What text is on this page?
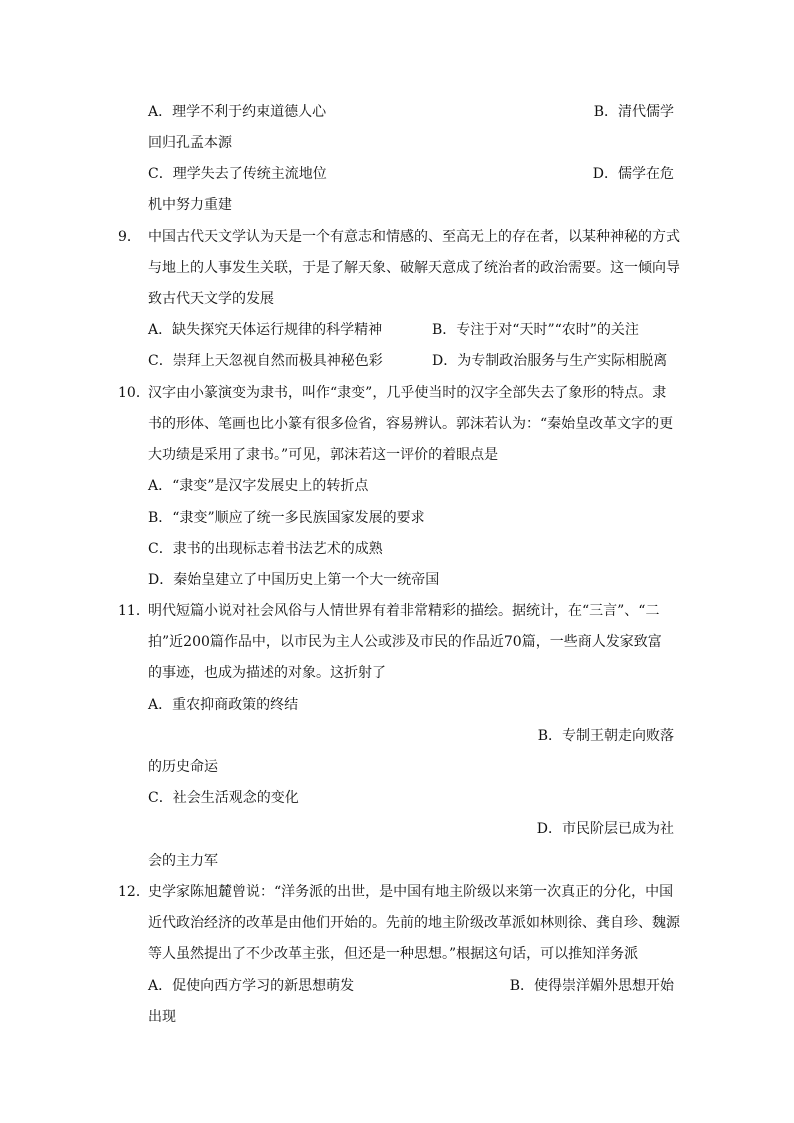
A．理学不利于约束道德人心	B．清代儒学
回归孔孟本源
C．理学失去了传统主流地位	D．儒学在危
机中努力重建
9． 中国古代天文学认为天是一个有意志和情感的、至高无上的存在者，以某种神秘的方式
与地上的人事发生关联，于是了解天象、破解天意成了统治者的政治需要。这一倾向导
致古代天文学的发展
A．缺失探究天体运行规律的科学精神	B．专注于对“天时”“农时”的关注
C．崇拜上天忽视自然而极具神秘色彩	D．为专制政治服务与生产实际相脱离
10．
汉字由小篆演变为隶书，叫作“隶变”，几乎使当时的汉字全部失去了象形的特点。隶
书的形体、笔画也比小篆有很多俭省，容易辨认。郭沫若认为：“秦始皇改革文字的更
大功绩是采用了隶书。”可见，郭沫若这一评价的着眼点是
A．“隶变”是汉字发展史上的转折点
B．“隶变”顺应了统一多民族国家发展的要求
C．隶书的出现标志着书法艺术的成熟
D．秦始皇建立了中国历史上第一个大一统帝国
11．
明代短篇小说对社会风俗与人情世界有着非常精彩的描绘。据统计，在“三言”、“二
拍”近200篇作品中，以市民为主人公或涉及市民的作品近70篇，一些商人发家致富
的事迹，也成为描述的对象。这折射了
A．重农抑商政策的终结
B．专制王朝走向败落
的历史命运
C．社会生活观念的变化
D．市民阶层已成为社
会的主力军
12．
史学家陈旭麓曾说：“洋务派的出世，是中国有地主阶级以来第一次真正的分化，中国
近代政治经济的改革是由他们开始的。先前的地主阶级改革派如林则徐、龚自珍、魏源
等人虽然提出了不少改革主张，但还是一种思想。”根据这句话，可以推知洋务派
A．促使向西方学习的新思想萌发	B．使得崇洋媚外思想开始
出现
